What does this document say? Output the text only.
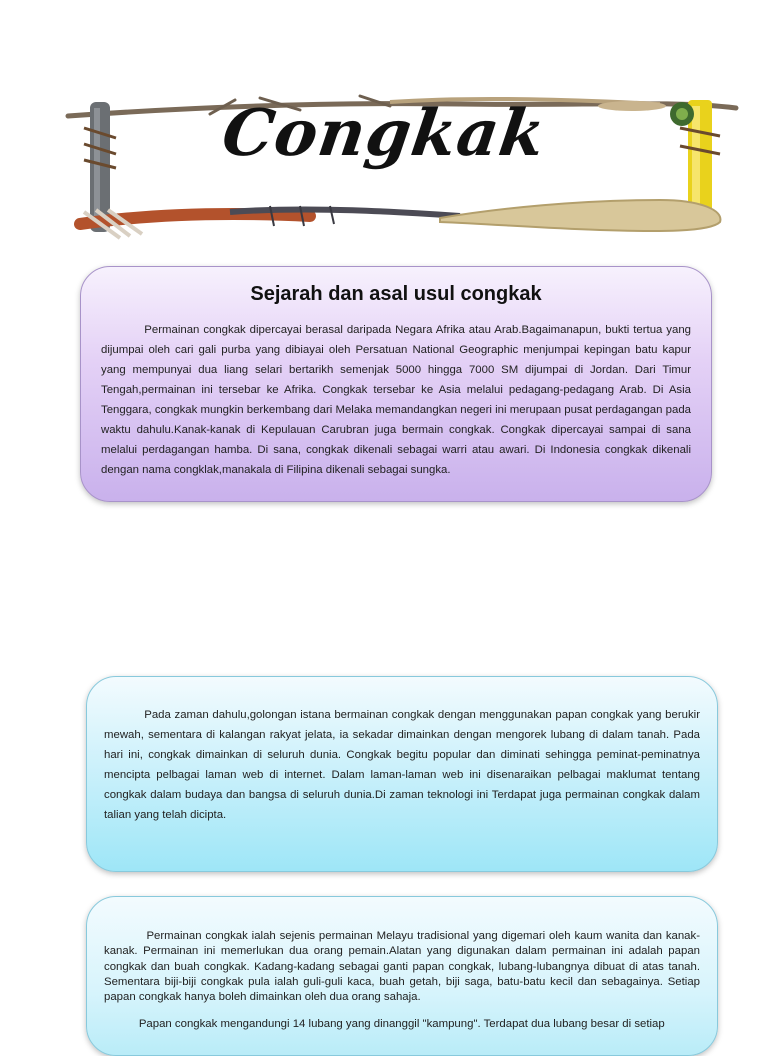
Congkak
Sejarah dan asal usul congkak

Permainan congkak dipercayai berasal daripada Negara Afrika atau Arab.Bagaimanapun, bukti tertua yang dijumpai oleh cari gali purba yang dibiayai oleh Persatuan National Geographic menjumpai kepingan batu kapur yang mempunyai dua liang selari bertarikh semenjak 5000 hingga 7000 SM dijumpai di Jordan. Dari Timur Tengah,permainan ini tersebar ke Afrika. Congkak tersebar ke Asia melalui pedagang-pedagang Arab. Di Asia Tenggara, congkak mungkin berkembang dari Melaka memandangkan negeri ini merupaan pusat perdagangan pada waktu dahulu.Kanak-kanak di Kepulauan Carubran juga bermain congkak. Congkak dipercayai sampai di sana melalui perdagangan hamba. Di sana, congkak dikenali sebagai warri atau awari. Di Indonesia congkak dikenali dengan nama congklak,manakala di Filipina dikenali sebagai sungka.

Pada zaman dahulu,golongan istana bermainan congkak dengan menggunakan papan congkak yang berukir mewah, sementara di kalangan rakyat jelata, ia sekadar dimainkan dengan mengorek lubang di dalam tanah. Pada hari ini, congkak dimainkan di seluruh dunia. Congkak begitu popular dan diminati sehingga peminat-peminatnya mencipta pelbagai laman web di internet. Dalam laman-laman web ini disenaraikan pelbagai maklumat tentang congkak dalam budaya dan bangsa di seluruh dunia.Di zaman teknologi ini Terdapat juga permainan congkak dalam talian yang telah dicipta.

Permainan congkak ialah sejenis permainan Melayu tradisional yang digemari oleh kaum wanita dan kanak-kanak. Permainan ini memerlukan dua orang pemain.Alatan yang digunakan dalam permainan ini adalah papan congkak dan buah congkak. Kadang-kadang sebagai ganti papan congkak, lubang-lubangnya dibuat di atas tanah. Sementara biji-biji congkak pula ialah guli-guli kaca, buah getah, biji saga, batu-batu kecil dan sebagainya. Setiap papan congkak hanya boleh dimainkan oleh dua orang sahaja.

Papan congkak mengandungi 14 lubang yang dinanggil "kampung". Terdapat dua lubang besar di setiap
